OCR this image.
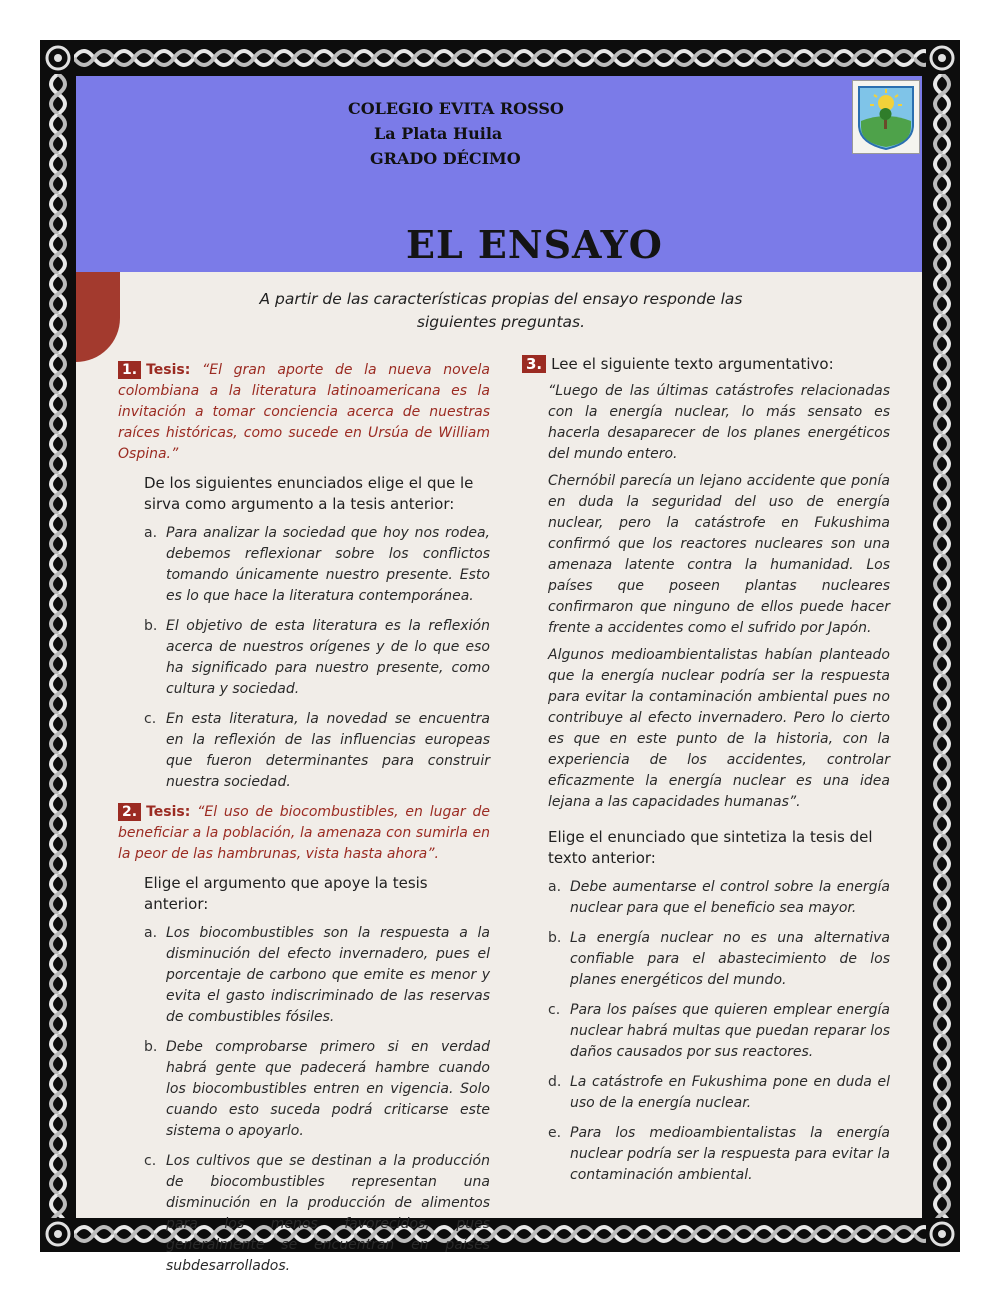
COLEGIO EVITA ROSSO
La Plata Huila
GRADO DÉCIMO
EL ENSAYO
A partir de las características propias del ensayo responde las siguientes preguntas.
1. Tesis: “El gran aporte de la nueva novela colombiana a la literatura latinoamericana es la invitación a tomar conciencia acerca de nuestras raíces históricas, como sucede en Ursúa de William Ospina.”
De los siguientes enunciados elige el que le sirva como argumento a la tesis anterior:
a. Para analizar la sociedad que hoy nos rodea, debemos reflexionar sobre los conflictos tomando únicamente nuestro presente. Esto es lo que hace la literatura contemporánea.
b. El objetivo de esta literatura es la reflexión acerca de nuestros orígenes y de lo que eso ha significado para nuestro presente, como cultura y sociedad.
c. En esta literatura, la novedad se encuentra en la reflexión de las influencias europeas que fueron determinantes para construir nuestra sociedad.
2. Tesis: “El uso de biocombustibles, en lugar de beneficiar a la población, la amenaza con sumirla en la peor de las hambrunas, vista hasta ahora”.
Elige el argumento que apoye la tesis anterior:
a. Los biocombustibles son la respuesta a la disminución del efecto invernadero, pues el porcentaje de carbono que emite es menor y evita el gasto indiscriminado de las reservas de combustibles fósiles.
b. Debe comprobarse primero si en verdad habrá gente que padecerá hambre cuando los biocombustibles entren en vigencia. Solo cuando esto suceda podrá criticarse este sistema o apoyarlo.
c. Los cultivos que se destinan a la producción de biocombustibles representan una disminución en la producción de alimentos para los menos favorecidos, pues generalmente se encuentran en países subdesarrollados.
3. Lee el siguiente texto argumentativo:
“Luego de las últimas catástrofes relacionadas con la energía nuclear, lo más sensato es hacerla desaparecer de los planes energéticos del mundo entero.
Chernóbil parecía un lejano accidente que ponía en duda la seguridad del uso de energía nuclear, pero la catástrofe en Fukushima confirmó que los reactores nucleares son una amenaza latente contra la humanidad. Los países que poseen plantas nucleares confirmaron que ninguno de ellos puede hacer frente a accidentes como el sufrido por Japón.
Algunos medioambientalistas habían planteado que la energía nuclear podría ser la respuesta para evitar la contaminación ambiental pues no contribuye al efecto invernadero. Pero lo cierto es que en este punto de la historia, con la experiencia de los accidentes, controlar eficazmente la energía nuclear es una idea lejana a las capacidades humanas”.
Elige el enunciado que sintetiza la tesis del texto anterior:
a. Debe aumentarse el control sobre la energía nuclear para que el beneficio sea mayor.
b. La energía nuclear no es una alternativa confiable para el abastecimiento de los planes energéticos del mundo.
c. Para los países que quieren emplear energía nuclear habrá multas que puedan reparar los daños causados por sus reactores.
d. La catástrofe en Fukushima pone en duda el uso de la energía nuclear.
e. Para los medioambientalistas la energía nuclear podría ser la respuesta para evitar la contaminación ambiental.
